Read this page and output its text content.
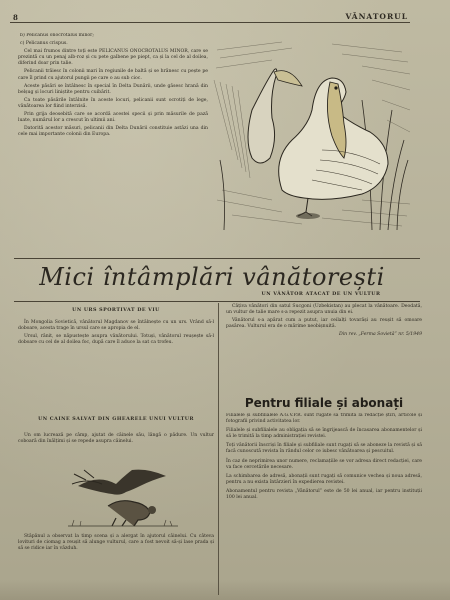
8	VÂNATORUL

b) Pelicanus onocrotalus minor;

c) Pelicanus crispus.

Cel mai frumos dintre toți este PELICANUS ONOCROTALUS MINOR, care se prezintă cu un penaj alb-roz și cu pete galbene pe piept, ca și la cel de al doilea, diferind doar prin talie.

Pelicanii trăiesc în colonii mari în regiunile de baltă și se hrănesc cu pește pe care îl prind cu ajutorul pungii pe care o au sub cioc.

Aceste păsări se întâlnesc în special în Delta Dunării, unde găsesc hrană din belșug și locuri liniștite pentru cuibărit.

Ca toate păsările întâlnite în aceste locuri, pelicanii sunt ocrotiți de lege, vânătoarea lor fiind interzisă.

Prin grija deosebită care se acordă acestei specii și prin măsurile de pază luate, numărul lor a crescut în ultimii ani.

Datorită acestor măsuri, pelicanii din Delta Dunării constituie astăzi una din cele mai importante colonii din Europa.

Mici întâmplări vânătorești
UN URS SPORTIVAT DE VIU

În Mongolia Sovietică, vânătorul Magdanov se întâlnește cu un urs. Vrând să-l doboare, acesta trage în ursul care se apropia de el.

Ursul, rănit, se năpustește asupra vânătorului. Totuși, vânătorul reușește să-l doboare cu cel de al doilea foc, după care îl aduce la sat ca trofeu.

UN CAINE SALVAT DIN GHEARELE UNUI VULTUR

Un om lucrează pe câmp, ajutat de câinele său, lângă o pădure. Un vultur coboară din înălțimi și se repede asupra câinelui.

Stăpânul a observat la timp scena și a alergat în ajutorul câinelui. Cu câteva lovituri de ciomag a reușit să alunge vulturul, care a fost nevoit să-și lase prada și să se ridice iar în văzduh.

UN VÂNĂTOR ATACAT DE UN VULTUR

Câțiva vânători din satul Sucgoni (Uzbekistan) au plecat la vânătoare. Deodată, un vultur de talie mare s-a repezit asupra unuia din ei.

Vânătorul s-a apărat cum a putut, iar ceilalți tovarăși au reușit să omoare pasărea. Vulturul era de o mărime neobișnuită.

Din rev. „Ferma Sovietă” nr. 5/1949

Pentru filiale și abonați

Filialele și subfilialele A.G.V.P.R. sunt rugate să trimită la redacție știri, articole și fotografii privind activitatea lor.

Filialele și subfilialele au obligația să se îngrijească de încasarea abonamentelor și să le trimită la timp administrației revistei.

Toți vânătorii înscriși în filiale și subfiliale sunt rugați să se aboneze la revistă și să facă cunoscută revista în rândul celor ce iubesc vânătoarea și pescuitul.

În caz de neprimirea unor numere, reclamațiile se vor adresa direct redacției, care va face cercetările necesare.

La schimbarea de adresă, abonații sunt rugați să comunice vechea și noua adresă, pentru a nu exista întârzieri în expedierea revistei.

Abonamentul pentru revista „Vânătorul” este de 50 lei anual, iar pentru instituții 100 lei anual.
